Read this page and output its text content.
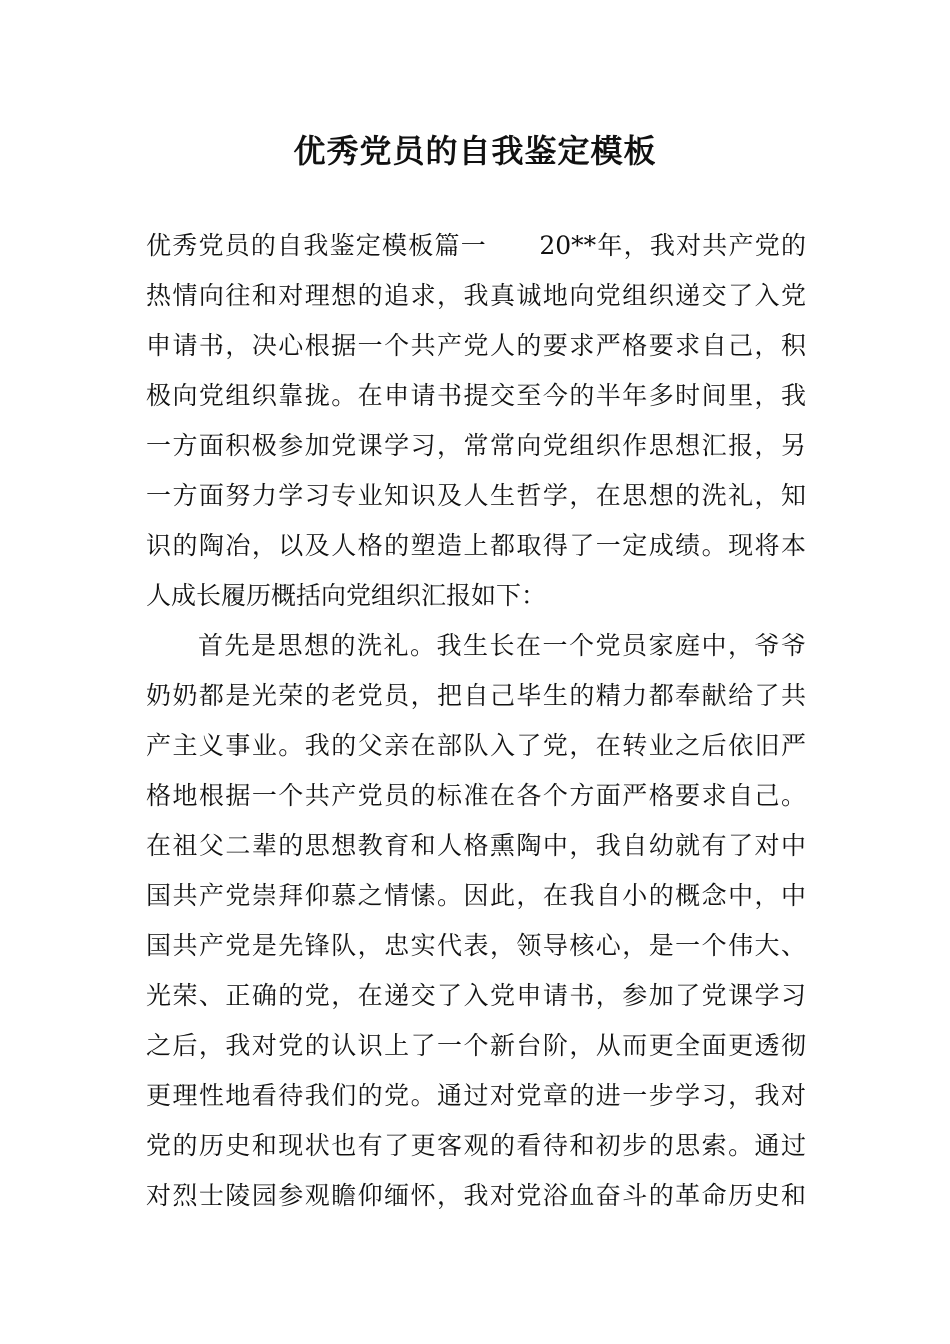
优秀党员的自我鉴定模板

优秀党员的自我鉴定模板篇一　　20**年，我对共产党的

热情向往和对理想的追求，我真诚地向党组织递交了入党

申请书，决心根据一个共产党人的要求严格要求自己，积

极向党组织靠拢。在申请书提交至今的半年多时间里，我

一方面积极参加党课学习，常常向党组织作思想汇报，另

一方面努力学习专业知识及人生哲学，在思想的洗礼，知

识的陶冶，以及人格的塑造上都取得了一定成绩。现将本

人成长履历概括向党组织汇报如下：

首先是思想的洗礼。我生长在一个党员家庭中，爷爷

奶奶都是光荣的老党员，把自己毕生的精力都奉献给了共

产主义事业。我的父亲在部队入了党，在转业之后依旧严

格地根据一个共产党员的标准在各个方面严格要求自己。

在祖父二辈的思想教育和人格熏陶中，我自幼就有了对中

国共产党崇拜仰慕之情愫。因此，在我自小的概念中，中

国共产党是先锋队，忠实代表，领导核心，是一个伟大、

光荣、正确的党，在递交了入党申请书，参加了党课学习

之后，我对党的认识上了一个新台阶，从而更全面更透彻

更理性地看待我们的党。通过对党章的进一步学习，我对

党的历史和现状也有了更客观的看待和初步的思索。通过

对烈士陵园参观瞻仰缅怀，我对党浴血奋斗的革命历史和
